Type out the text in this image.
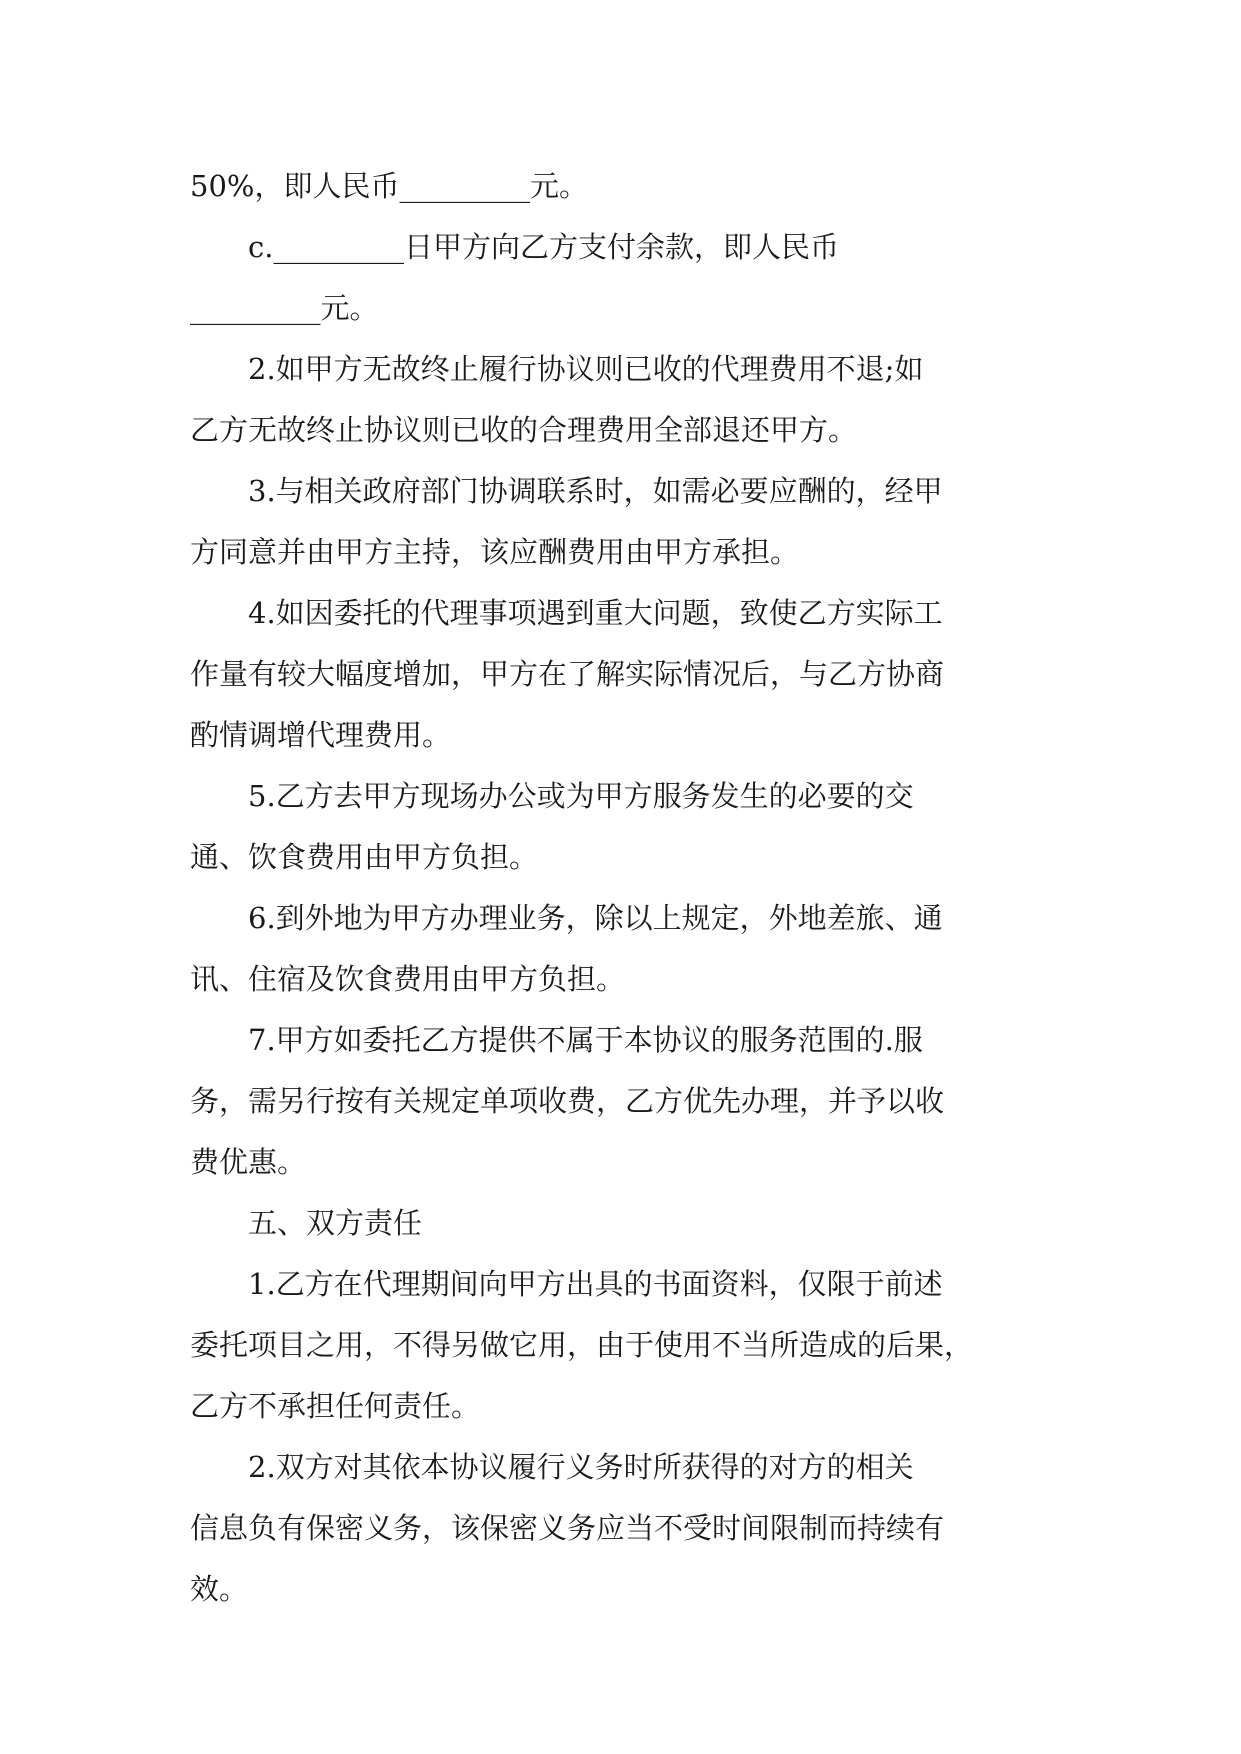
50%，即人民币_________元。
c._________日甲方向乙方支付余款，即人民币
_________元。
2.如甲方无故终止履行协议则已收的代理费用不退;如
乙方无故终止协议则已收的合理费用全部退还甲方。
3.与相关政府部门协调联系时，如需必要应酬的，经甲
方同意并由甲方主持，该应酬费用由甲方承担。
4.如因委托的代理事项遇到重大问题，致使乙方实际工
作量有较大幅度增加，甲方在了解实际情况后，与乙方协商
酌情调增代理费用。
5.乙方去甲方现场办公或为甲方服务发生的必要的交
通、饮食费用由甲方负担。
6.到外地为甲方办理业务，除以上规定，外地差旅、通
讯、住宿及饮食费用由甲方负担。
7.甲方如委托乙方提供不属于本协议的服务范围的.服
务，需另行按有关规定单项收费，乙方优先办理，并予以收
费优惠。
五、双方责任
1.乙方在代理期间向甲方出具的书面资料，仅限于前述
委托项目之用，不得另做它用，由于使用不当所造成的后果，
乙方不承担任何责任。
2.双方对其依本协议履行义务时所获得的对方的相关
信息负有保密义务，该保密义务应当不受时间限制而持续有
效。
